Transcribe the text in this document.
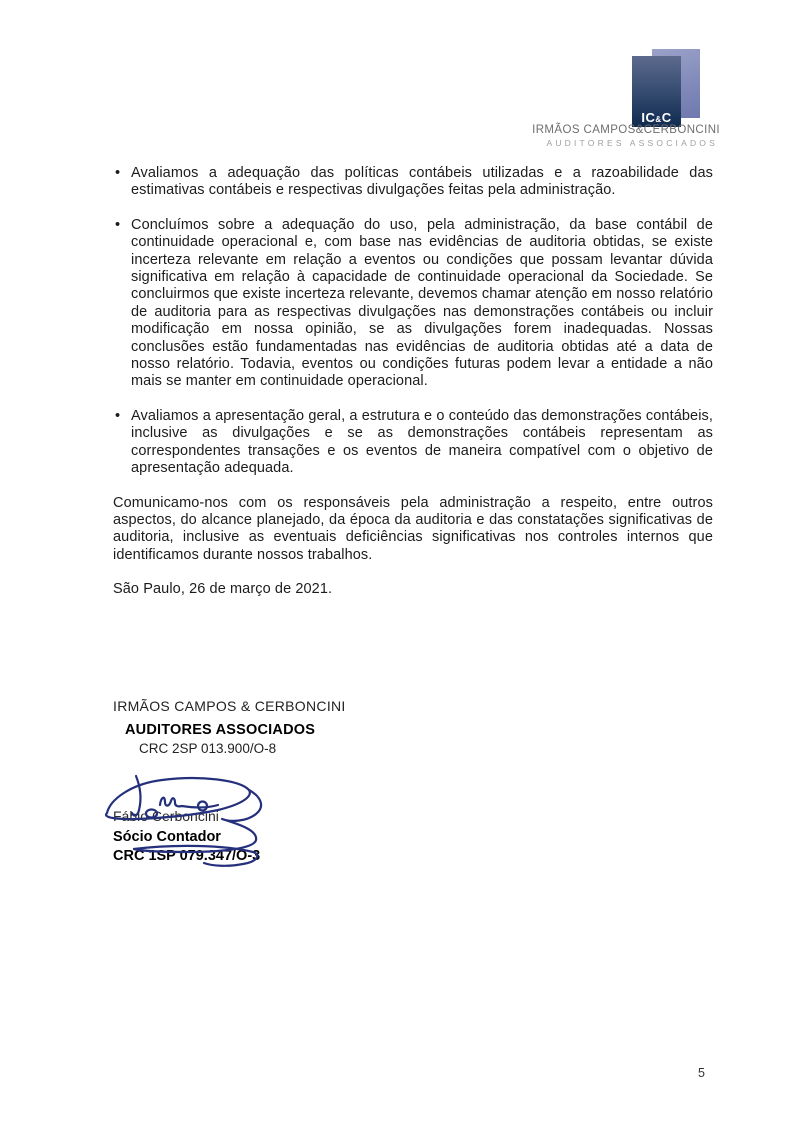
IC&C
IRMÃOS CAMPOS&CERBONCINI
AUDITORES ASSOCIADOS
• Avaliamos a adequação das políticas contábeis utilizadas e a razoabilidade das estimativas contábeis e respectivas divulgações feitas pela administração.
• Concluímos sobre a adequação do uso, pela administração, da base contábil de continuidade operacional e, com base nas evidências de auditoria obtidas, se existe incerteza relevante em relação a eventos ou condições que possam levantar dúvida significativa em relação à capacidade de continuidade operacional da Sociedade. Se concluirmos que existe incerteza relevante, devemos chamar atenção em nosso relatório de auditoria para as respectivas divulgações nas demonstrações contábeis ou incluir modificação em nossa opinião, se as divulgações forem inadequadas. Nossas conclusões estão fundamentadas nas evidências de auditoria obtidas até a data de nosso relatório. Todavia, eventos ou condições futuras podem levar a entidade a não mais se manter em continuidade operacional.
• Avaliamos a apresentação geral, a estrutura e o conteúdo das demonstrações contábeis, inclusive as divulgações e se as demonstrações contábeis representam as correspondentes transações e os eventos de maneira compatível com o objetivo de apresentação adequada.

Comunicamo-nos com os responsáveis pela administração a respeito, entre outros aspectos, do alcance planejado, da época da auditoria e das constatações significativas de auditoria, inclusive as eventuais deficiências significativas nos controles internos que identificamos durante nossos trabalhos.

São Paulo, 26 de março de 2021.

IRMÃOS CAMPOS & CERBONCINI
AUDITORES ASSOCIADOS
CRC 2SP 013.900/O-8
Fábio Cerboncini
Sócio Contador
CRC 1SP 079.347/O-3
5
